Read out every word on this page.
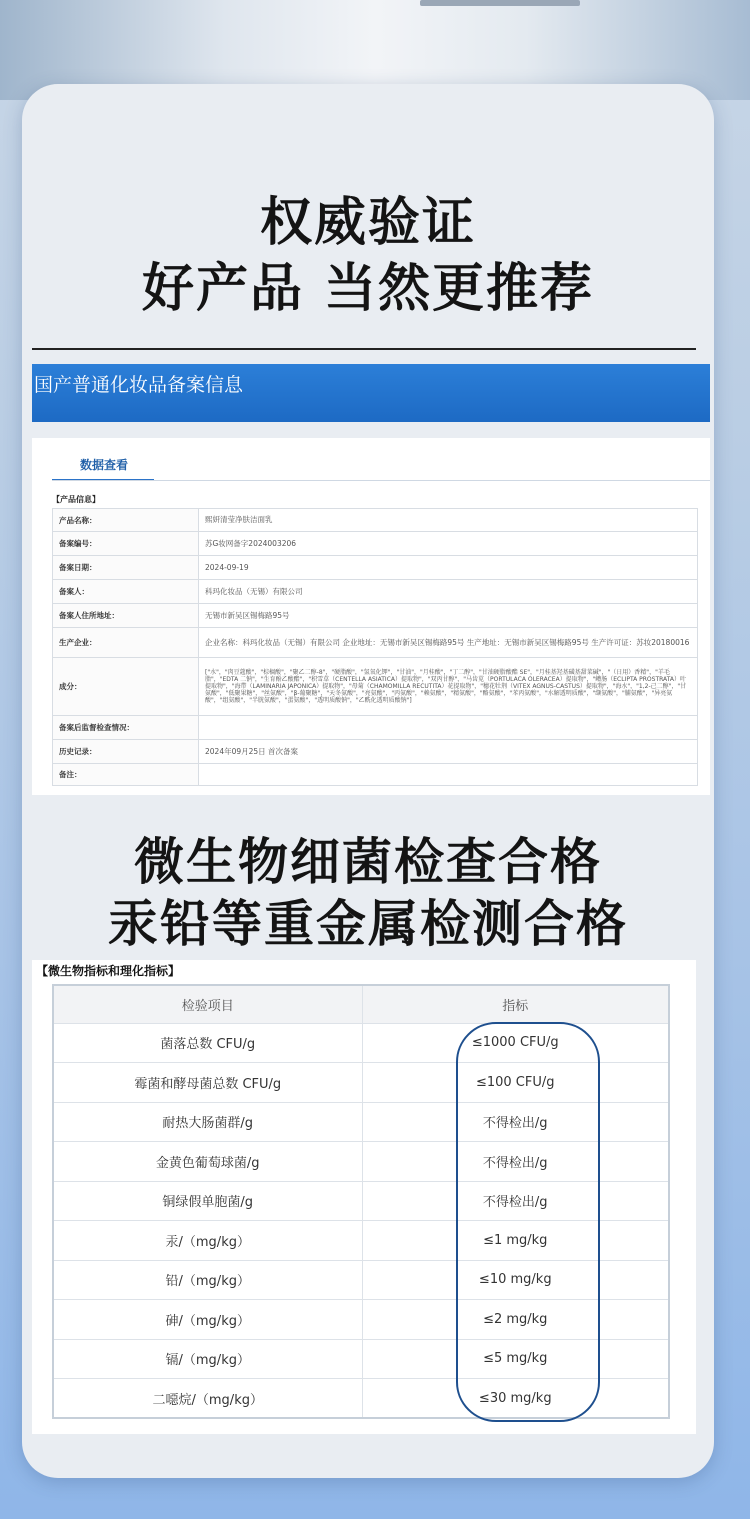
权威验证
好产品 当然更推荐
国产普通化妆品备案信息
数据查看
【产品信息】
产品名称：	熙妍清莹净肤洁面乳
备案编号：	苏G妆网备字2024003206
备案日期：	2024-09-19
备案人：	科玛化妆品（无锡）有限公司
备案人住所地址：	无锡市新吴区锡梅路95号
生产企业：	企业名称：科玛化妆品（无锡）有限公司 企业地址：无锡市新吴区锡梅路95号 生产地址：无锡市新吴区锡梅路95号 生产许可证：苏妆20180016
成分：	["水"，"肉豆蔻酸"，"棕榈酸"，"聚乙二醇-8"，"硬脂酸"，"氢氧化钾"，"甘油"，"月桂酸"，"丁二醇"，"甘油硬脂酸酯 SE"，"月桂基羟基磺基甜菜碱"，"（日用）香精"，"羊毛脂"，"EDTA 二钠"，"生育酚乙酸酯"，"积雪草（CENTELLA ASIATICA）提取物"，"双丙甘醇"，"马齿苋（PORTULACA OLERACEA）提取物"，"鳢肠（ECLIPTA PROSTRATA）叶提取物"，"海带（LAMINARIA JAPONICA）提取物"，"母菊（CHAMOMILLA RECUTITA）花提取物"，"穗花牡荆（VITEX AGNUS-CASTUS）提取物"，"海水"，"1,2-己二醇"，"甘氨酸"，"低聚果糖"，"丝氨酸"，"β-葡聚糖"，"天冬氨酸"，"亮氨酸"，"丙氨酸"，"赖氨酸"，"精氨酸"，"酪氨酸"，"苯丙氨酸"，"水解透明质酸"，"缬氨酸"，"脯氨酸"，"异亮氨酸"，"组氨酸"，"半胱氨酸"，"蛋氨酸"，"透明质酸钠"，"乙酰化透明质酸钠"]
备案后监督检查情况：	
历史记录：	2024年09月25日 首次备案
备注：	
微生物细菌检查合格
汞铅等重金属检测合格
【微生物指标和理化指标】
检验项目	指标
菌落总数 CFU/g	≤1000 CFU/g
霉菌和酵母菌总数 CFU/g	≤100 CFU/g
耐热大肠菌群/g	不得检出/g
金黄色葡萄球菌/g	不得检出/g
铜绿假单胞菌/g	不得检出/g
汞/（mg/kg）	≤1 mg/kg
铅/（mg/kg）	≤10 mg/kg
砷/（mg/kg）	≤2 mg/kg
镉/（mg/kg）	≤5 mg/kg
二噁烷/（mg/kg）	≤30 mg/kg
